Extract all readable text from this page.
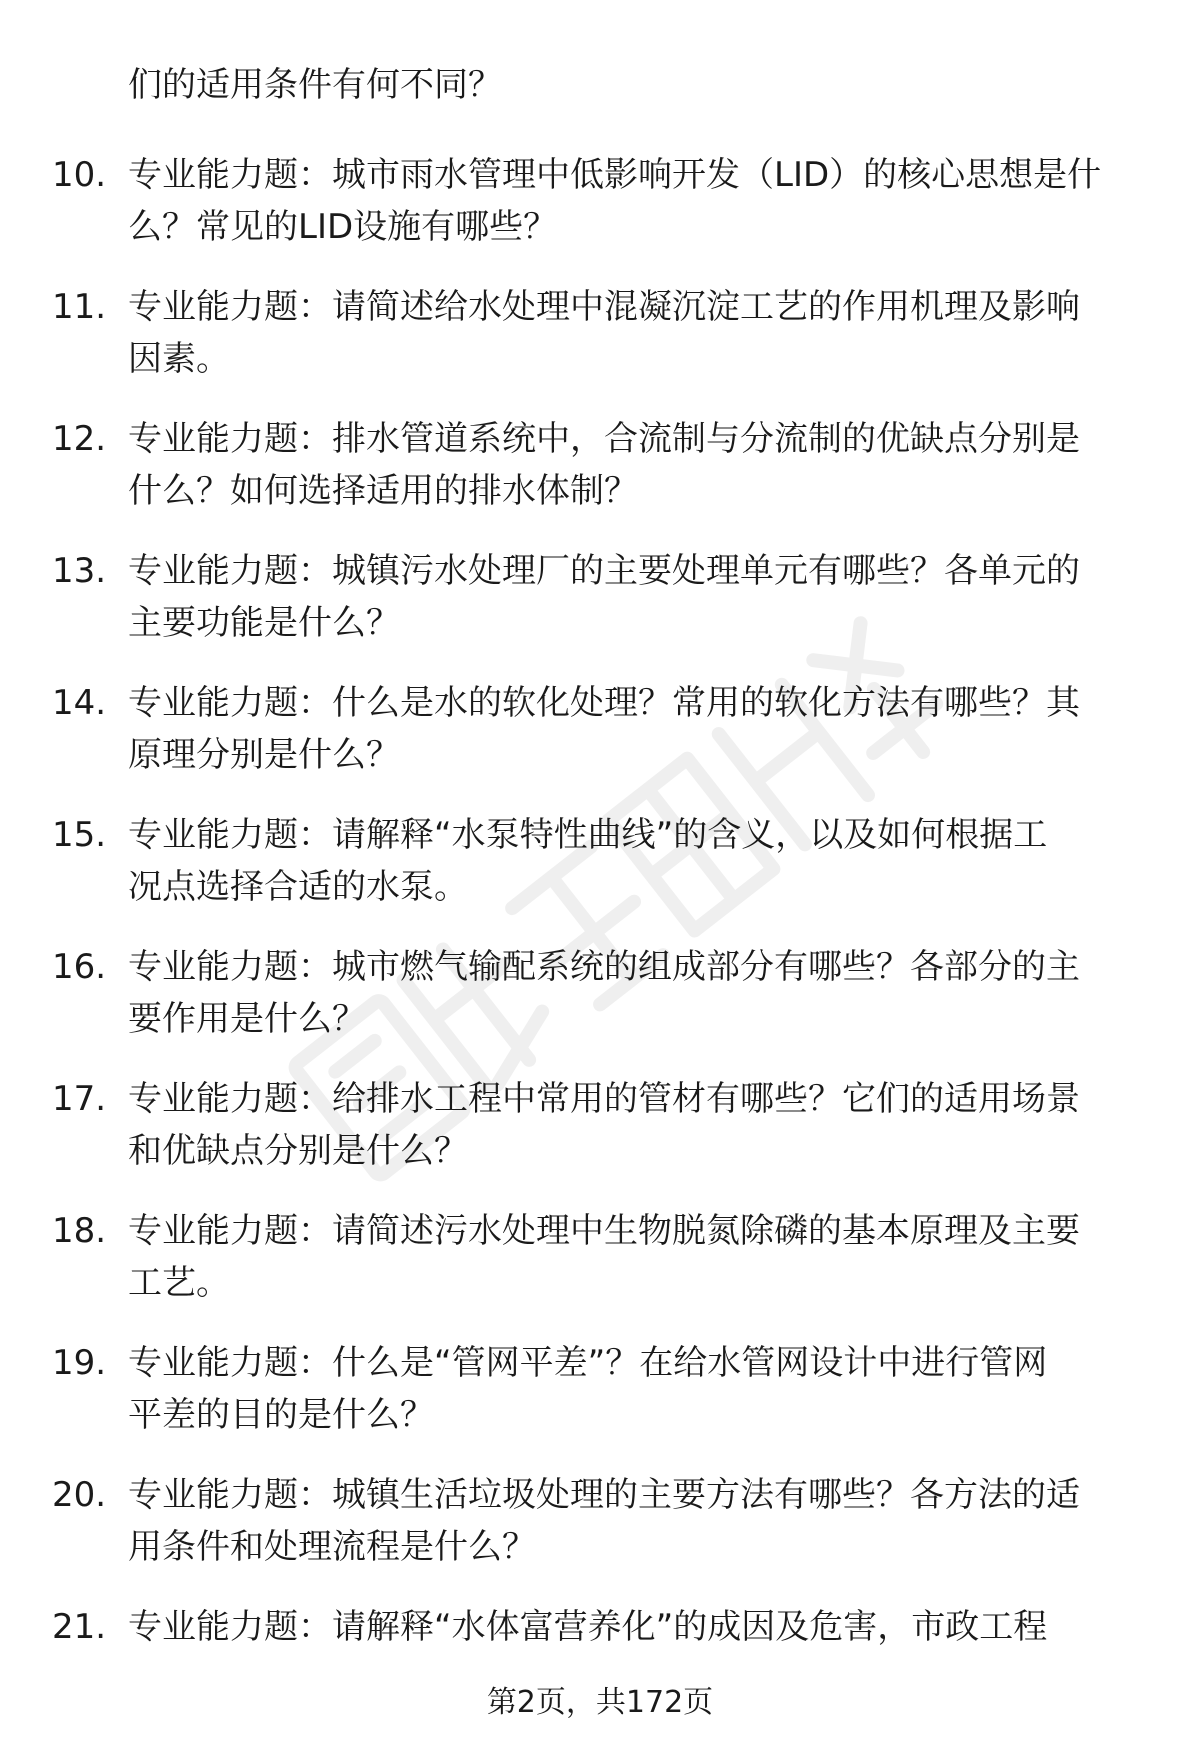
们的适用条件有何不同？
10. 专业能力题：城市雨水管理中低影响开发（LID）的核心思想是什
么？常见的LID设施有哪些？
11. 专业能力题：请简述给水处理中混凝沉淀工艺的作用机理及影响
因素。
12. 专业能力题：排水管道系统中，合流制与分流制的优缺点分别是
什么？如何选择适用的排水体制？
13. 专业能力题：城镇污水处理厂的主要处理单元有哪些？各单元的
主要功能是什么？
14. 专业能力题：什么是水的软化处理？常用的软化方法有哪些？其
原理分别是什么？
15. 专业能力题：请解释“水泵特性曲线”的含义，以及如何根据工
况点选择合适的水泵。
16. 专业能力题：城市燃气输配系统的组成部分有哪些？各部分的主
要作用是什么？
17. 专业能力题：给排水工程中常用的管材有哪些？它们的适用场景
和优缺点分别是什么？
18. 专业能力题：请简述污水处理中生物脱氮除磷的基本原理及主要
工艺。
19. 专业能力题：什么是“管网平差”？在给水管网设计中进行管网
平差的目的是什么？
20. 专业能力题：城镇生活垃圾处理的主要方法有哪些？各方法的适
用条件和处理流程是什么？
21. 专业能力题：请解释“水体富营养化”的成因及危害，市政工程
第2页，共172页
